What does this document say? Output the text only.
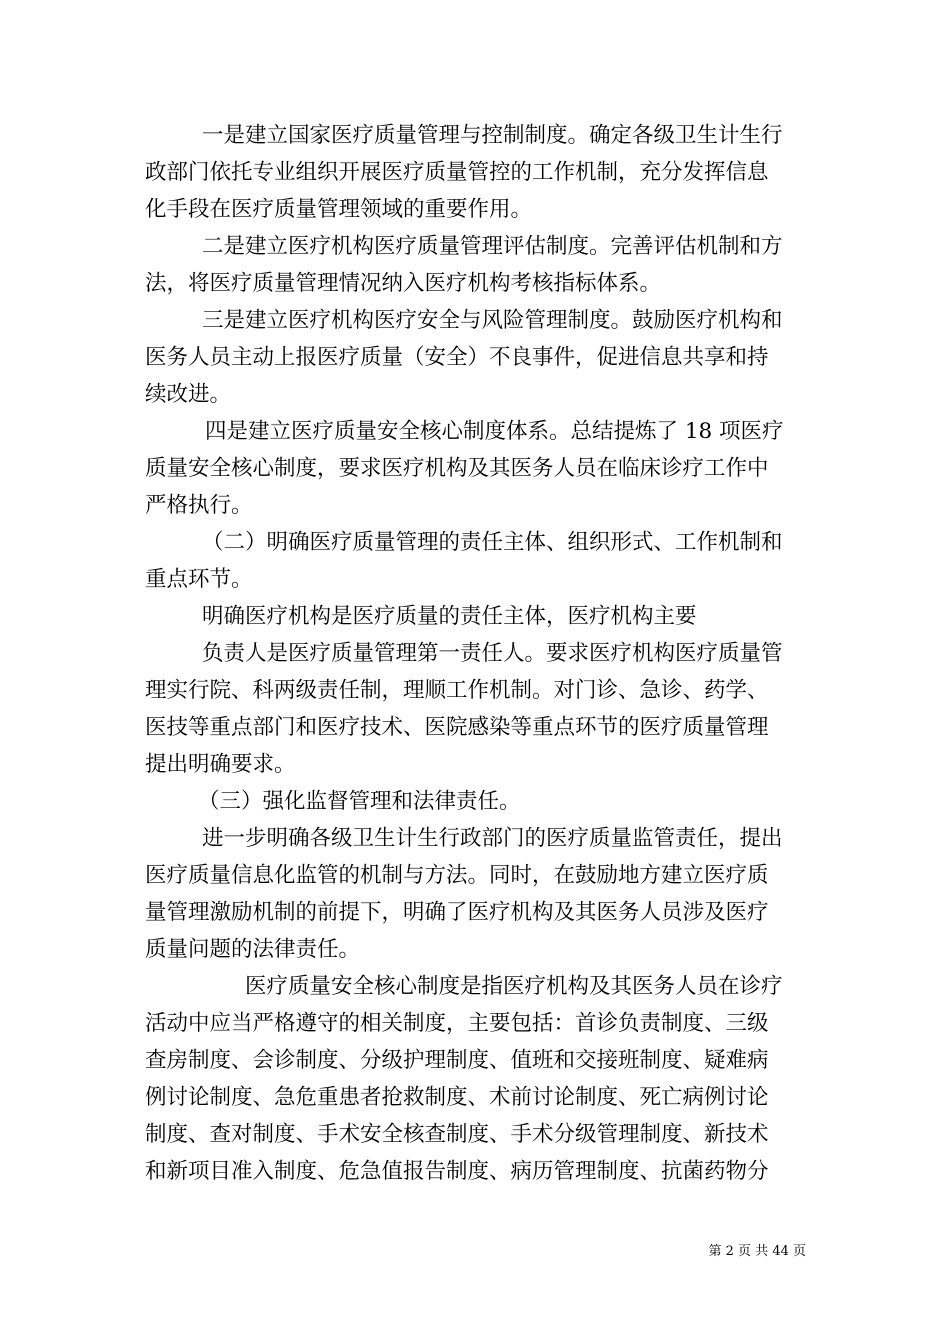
一是建立国家医疗质量管理与控制制度。确定各级卫生计生行
政部门依托专业组织开展医疗质量管控的工作机制，充分发挥信息
化手段在医疗质量管理领域的重要作用。
二是建立医疗机构医疗质量管理评估制度。完善评估机制和方
法，将医疗质量管理情况纳入医疗机构考核指标体系。
三是建立医疗机构医疗安全与风险管理制度。鼓励医疗机构和
医务人员主动上报医疗质量（安全）不良事件，促进信息共享和持
续改进。
四是建立医疗质量安全核心制度体系。总结提炼了 18 项医疗
质量安全核心制度，要求医疗机构及其医务人员在临床诊疗工作中
严格执行。
（二）明确医疗质量管理的责任主体、组织形式、工作机制和
重点环节。
明确医疗机构是医疗质量的责任主体，医疗机构主要
负责人是医疗质量管理第一责任人。要求医疗机构医疗质量管
理实行院、科两级责任制，理顺工作机制。对门诊、急诊、药学、
医技等重点部门和医疗技术、医院感染等重点环节的医疗质量管理
提出明确要求。
（三）强化监督管理和法律责任。
进一步明确各级卫生计生行政部门的医疗质量监管责任，提出
医疗质量信息化监管的机制与方法。同时，在鼓励地方建立医疗质
量管理激励机制的前提下，明确了医疗机构及其医务人员涉及医疗
质量问题的法律责任。
医疗质量安全核心制度是指医疗机构及其医务人员在诊疗
活动中应当严格遵守的相关制度，主要包括：首诊负责制度、三级
查房制度、会诊制度、分级护理制度、值班和交接班制度、疑难病
例讨论制度、急危重患者抢救制度、术前讨论制度、死亡病例讨论
制度、查对制度、手术安全核查制度、手术分级管理制度、新技术
和新项目准入制度、危急值报告制度、病历管理制度、抗菌药物分
第 2 页 共 44 页
